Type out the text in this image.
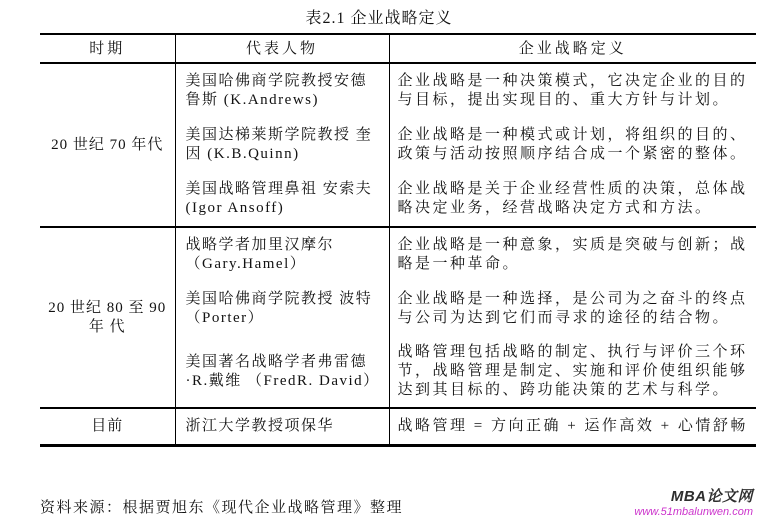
表2.1 企业战略定义
时期	代表人物	企业战略定义
20 世纪 70 年代	美国哈佛商学院教授安德鲁斯 (K.Andrews)	企业战略是一种决策模式，它决定企业的目的与目标，提出实现目的、重大方针与计划。
	美国达梯莱斯学院教授 奎因 (K.B.Quinn)	企业战略是一种模式或计划，将组织的目的、政策与活动按照顺序结合成一个紧密的整体。
	美国战略管理鼻祖 安索夫 (Igor Ansoff)	企业战略是关于企业经营性质的决策，总体战略决定业务，经营战略决定方式和方法。
20 世纪 80 至 90 年 代	战略学者加里汉摩尔 （Gary.Hamel）	企业战略是一种意象，实质是突破与创新；战略是一种革命。
	美国哈佛商学院教授 波特 （Porter）	企业战略是一种选择，是公司为之奋斗的终点与公司为达到它们而寻求的途径的结合物。
	美国著名战略学者弗雷德·R.戴维 （FredR. David）	战略管理包括战略的制定、执行与评价三个环节，战略管理是制定、实施和评价使组织能够达到其目标的、跨功能决策的艺术与科学。
目前	浙江大学教授项保华	战略管理 = 方向正确 + 运作高效 + 心情舒畅
资料来源：根据贾旭东《现代企业战略管理》整理
MBA论文网
www.51mbalunwen.com
